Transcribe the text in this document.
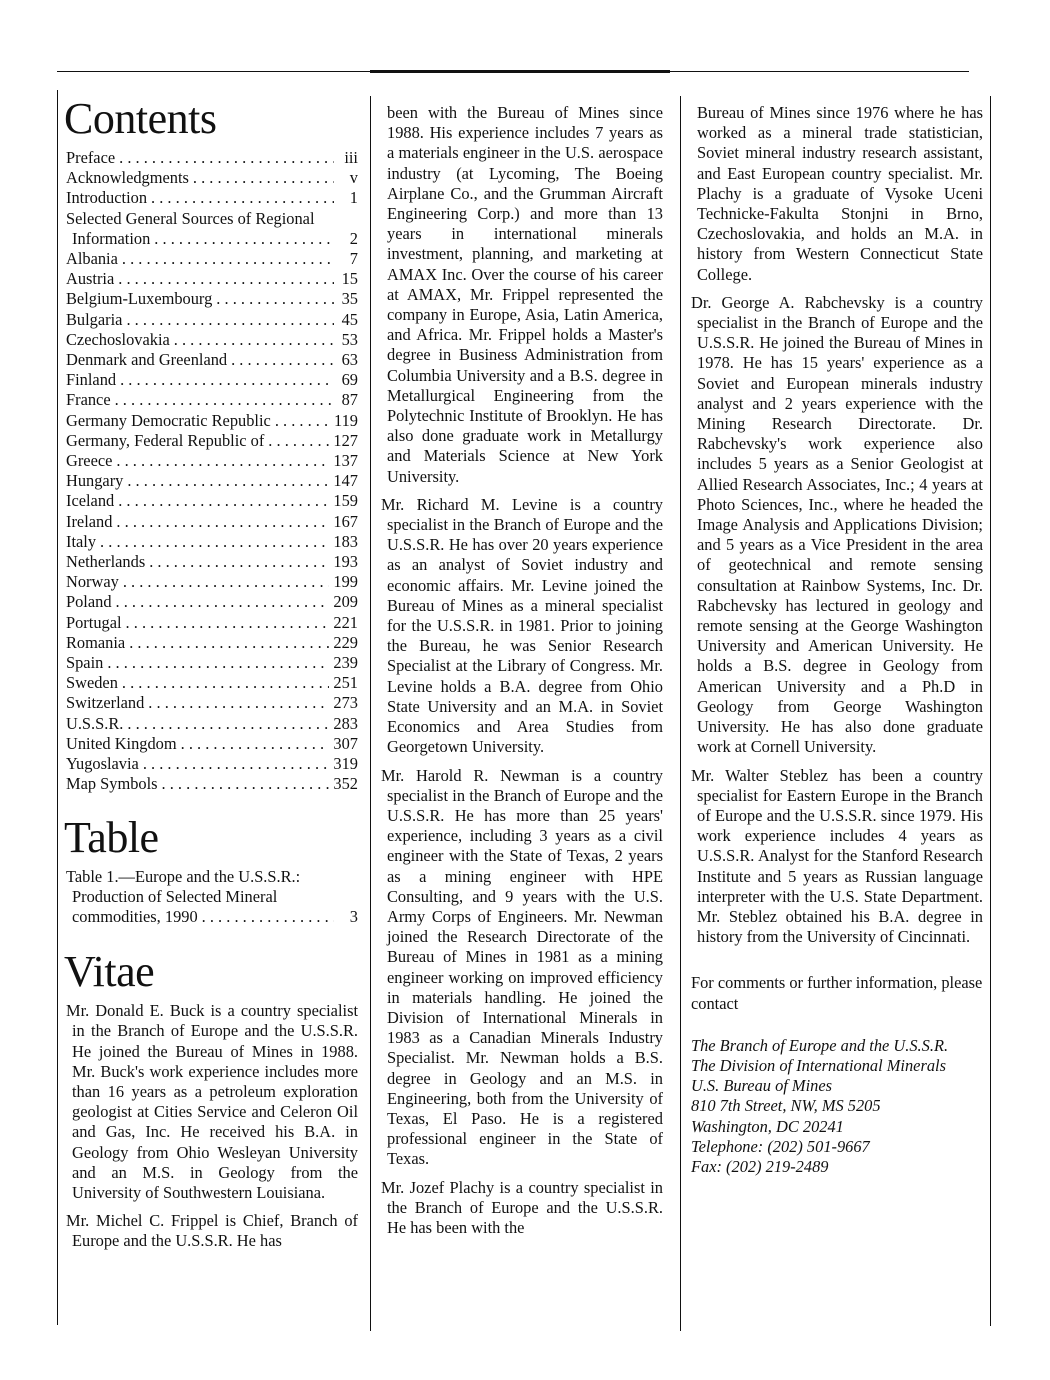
Contents
Preface . . .	iii
Acknowledgments . . .	v
Introduction . . .	1
Selected General Sources of Regional
Information . . .	2
Albania . . .	7
Austria . . .	15
Belgium-Luxembourg . . .	35
Bulgaria . . .	45
Czechoslovakia . . .	53
Denmark and Greenland . . .	63
Finland . . .	69
France . . .	87
Germany Democratic Republic . . .	119
Germany, Federal Republic of . . .	127
Greece . . .	137
Hungary . . .	147
Iceland . . .	159
Ireland . . .	167
Italy . . .	183
Netherlands . . .	193
Norway . . .	199
Poland . . .	209
Portugal . . .	221
Romania . . .	229
Spain . . .	239
Sweden . . .	251
Switzerland . . .	273
U.S.S.R. . . .	283
United Kingdom . . .	307
Yugoslavia . . .	319
Map Symbols . . .	352
Table
Table 1.—Europe and the U.S.S.R.:
Production of Selected Mineral
commodities, 1990 . . .	3
Vitae

Mr. Donald E. Buck is a country specialist in the Branch of Europe and the U.S.S.R. He joined the Bureau of Mines in 1988. Mr. Buck's work experience includes more than 16 years as a petroleum exploration geologist at Cities Service and Celeron Oil and Gas, Inc. He received his B.A. in Geology from Ohio Wesleyan University and an M.S. in Geology from the University of Southwestern Louisiana.

Mr. Michel C. Frippel is Chief, Branch of Europe and the U.S.S.R. He has

been with the Bureau of Mines since 1988. His experience includes 7 years as a materials engineer in the U.S. aerospace industry (at Lycoming, The Boeing Airplane Co., and the Grumman Aircraft Engineering Corp.) and more than 13 years in international minerals investment, planning, and marketing at AMAX Inc. Over the course of his career at AMAX, Mr. Frippel represented the company in Europe, Asia, Latin America, and Africa. Mr. Frippel holds a Master's degree in Business Administration from Columbia University and a B.S. degree in Metallurgical Engineering from the Polytechnic Institute of Brooklyn. He has also done graduate work in Metallurgy and Materials Science at New York University.

Mr. Richard M. Levine is a country specialist in the Branch of Europe and the U.S.S.R. He has over 20 years experience as an analyst of Soviet industry and economic affairs. Mr. Levine joined the Bureau of Mines as a mineral specialist for the U.S.S.R. in 1981. Prior to joining the Bureau, he was Senior Research Specialist at the Library of Congress. Mr. Levine holds a B.A. degree from Ohio State University and an M.A. in Soviet Economics and Area Studies from Georgetown University.

Mr. Harold R. Newman is a country specialist in the Branch of Europe and the U.S.S.R. He has more than 25 years' experience, including 3 years as a civil engineer with the State of Texas, 2 years as a mining engineer with HPE Consulting, and 9 years with the U.S. Army Corps of Engineers. Mr. Newman joined the Research Directorate of the Bureau of Mines in 1981 as a mining engineer working on improved efficiency in materials handling. He joined the Division of International Minerals in 1983 as a Canadian Minerals Industry Specialist. Mr. Newman holds a B.S. degree in Geology and an M.S. in Engineering, both from the University of Texas, El Paso. He is a registered professional engineer in the State of Texas.

Mr. Jozef Plachy is a country specialist in the Branch of Europe and the U.S.S.R. He has been with the

Bureau of Mines since 1976 where he has worked as a mineral trade statistician, Soviet mineral industry research assistant, and East European country specialist. Mr. Plachy is a graduate of Vysoke Uceni Technicke-Fakulta Stonjni in Brno, Czechoslovakia, and holds an M.A. in history from Western Connecticut State College.

Dr. George A. Rabchevsky is a country specialist in the Branch of Europe and the U.S.S.R. He joined the Bureau of Mines in 1978. He has 15 years' experience as a Soviet and European minerals industry analyst and 2 years experience with the Mining Research Directorate. Dr. Rabchevsky's work experience also includes 5 years as a Senior Geologist at Allied Research Associates, Inc.; 4 years at Photo Sciences, Inc., where he headed the Image Analysis and Applications Division; and 5 years as a Vice President in the area of geotechnical and remote sensing consultation at Rainbow Systems, Inc. Dr. Rabchevsky has lectured in geology and remote sensing at the George Washington University and American University. He holds a B.S. degree in Geology from American University and a Ph.D in Geology from George Washington University. He has also done graduate work at Cornell University.

Mr. Walter Steblez has been a country specialist for Eastern Europe in the Branch of Europe and the U.S.S.R. since 1979. His work experience includes 4 years as U.S.S.R. Analyst for the Stanford Research Institute and 5 years as Russian language interpreter with the U.S. State Department. Mr. Steblez obtained his B.A. degree in history from the University of Cincinnati.

For comments or further information, please contact

The Branch of Europe and the U.S.S.R.

The Division of International Minerals

U.S. Bureau of Mines

810 7th Street, NW, MS 5205

Washington, DC 20241

Telephone: (202) 501-9667

Fax: (202) 219-2489
